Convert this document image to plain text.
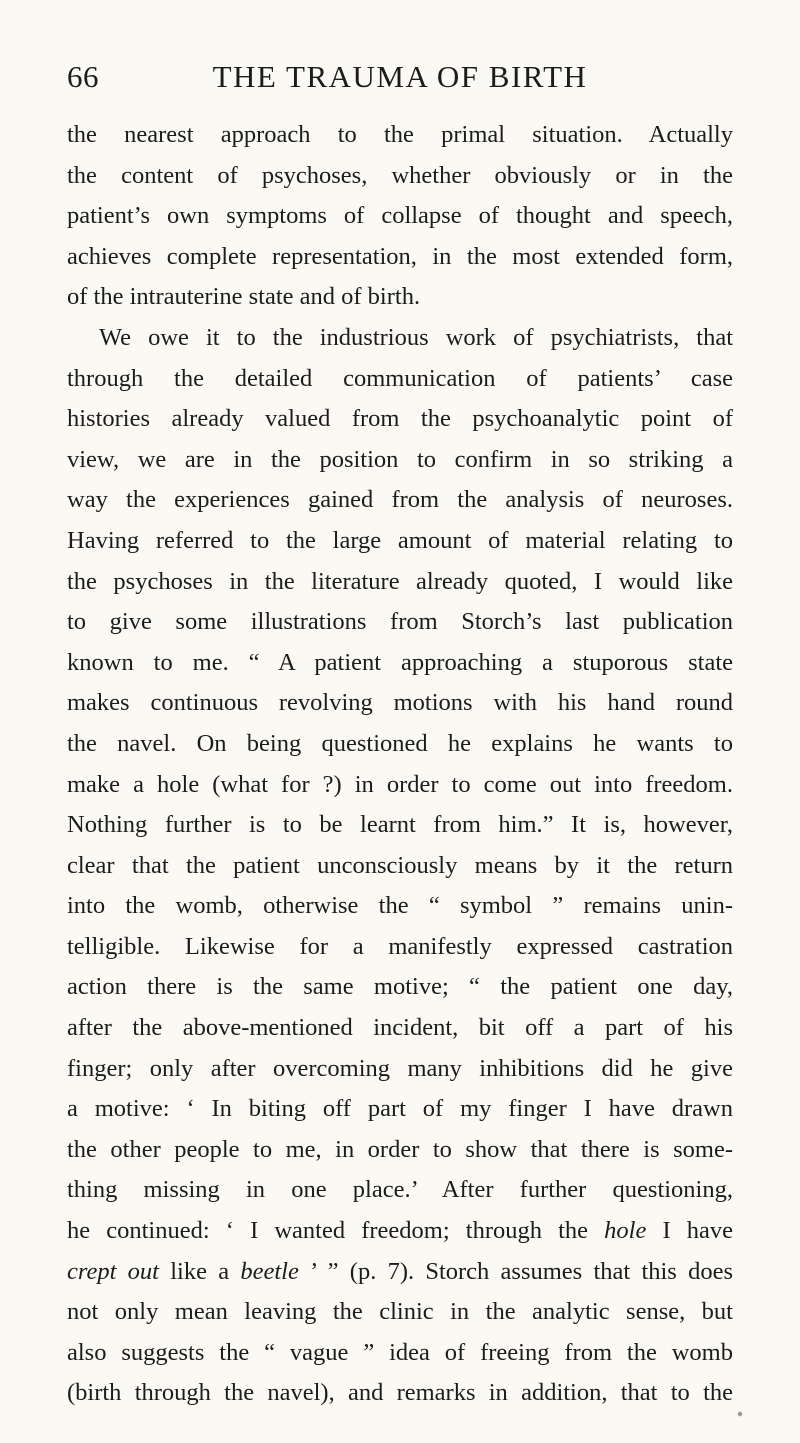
66	THE TRAUMA OF BIRTH
the nearest approach to the primal situation. Actually
the content of psychoses, whether obviously or in the
patient’s own symptoms of collapse of thought and speech,
achieves complete representation, in the most extended form,
of the intrauterine state and of birth.
We owe it to the industrious work of psychiatrists, that
through the detailed communication of patients’ case
histories already valued from the psychoanalytic point of
view, we are in the position to confirm in so striking a
way the experiences gained from the analysis of neuroses.
Having referred to the large amount of material relating to
the psychoses in the literature already quoted, I would like
to give some illustrations from Storch’s last publication
known to me. “ A patient approaching a stuporous state
makes continuous revolving motions with his hand round
the navel. On being questioned he explains he wants to
make a hole (what for ?) in order to come out into freedom.
Nothing further is to be learnt from him.” It is, however,
clear that the patient unconsciously means by it the return
into the womb, otherwise the “ symbol ” remains unin-
telligible. Likewise for a manifestly expressed castration
action there is the same motive; “ the patient one day,
after the above-mentioned incident, bit off a part of his
finger; only after overcoming many inhibitions did he give
a motive: ‘ In biting off part of my finger I have drawn
the other people to me, in order to show that there is some-
thing missing in one place.’ After further questioning,
he continued: ‘ I wanted freedom; through the hole I have
crept out like a beetle ’ ” (p. 7). Storch assumes that this does
not only mean leaving the clinic in the analytic sense, but
also suggests the “ vague ” idea of freeing from the womb
(birth through the navel), and remarks in addition, that to the
